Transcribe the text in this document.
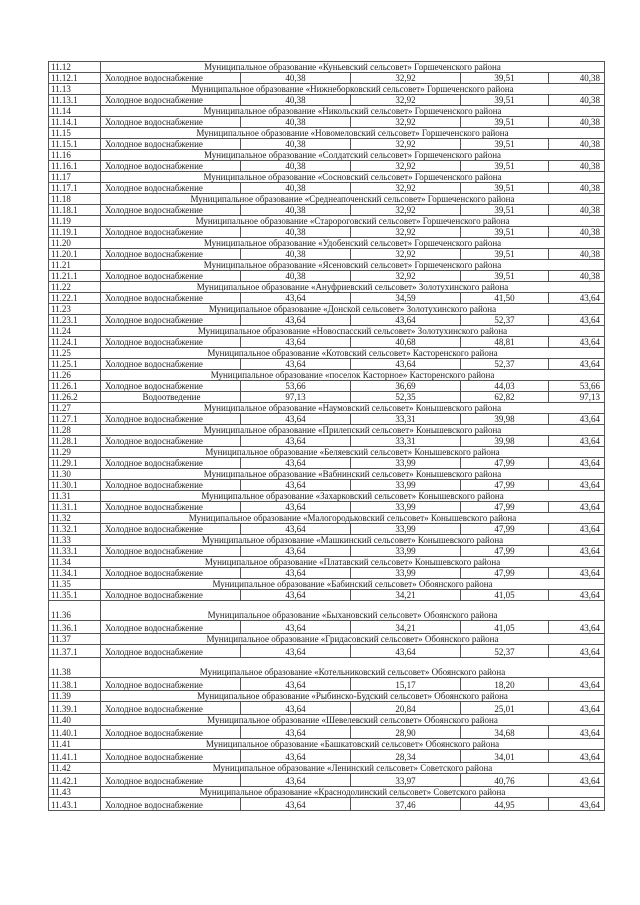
11.12	Муниципальное образование «Куньевский сельсовет» Горшеченского района				
11.12.1	Холодное водоснабжение	40,38	32,92	39,51	40,38
11.13	Муниципальное образование «Нижнеборковский сельсовет» Горшеченского района				
11.13.1	Холодное водоснабжение	40,38	32,92	39,51	40,38
11.14	Муниципальное образование «Никольский сельсовет» Горшеченского района				
11.14.1	Холодное водоснабжение	40,38	32,92	39,51	40,38
11.15	Муниципальное образование «Новомеловский сельсовет» Горшеченского района				
11.15.1	Холодное водоснабжение	40,38	32,92	39,51	40,38
11.16	Муниципальное образование «Солдатский сельсовет» Горшеченского района				
11.16.1	Холодное водоснабжение	40,38	32,92	39,51	40,38
11.17	Муниципальное образование «Сосновский сельсовет» Горшеченского района				
11.17.1	Холодное водоснабжение	40,38	32,92	39,51	40,38
11.18	Муниципальное образование «Среднеапоченский сельсовет» Горшеченского района				
11.18.1	Холодное водоснабжение	40,38	32,92	39,51	40,38
11.19	Муниципальное образование «Старороговский сельсовет» Горшеченского района				
11.19.1	Холодное водоснабжение	40,38	32,92	39,51	40,38
11.20	Муниципальное образование «Удобенский сельсовет» Горшеченского района				
11.20.1	Холодное водоснабжение	40,38	32,92	39,51	40,38
11.21	Муниципальное образование «Ясеновский сельсовет» Горшеченского района				
11.21.1	Холодное водоснабжение	40,38	32,92	39,51	40,38
11.22	Муниципальное образование «Ануфриевский сельсовет» Золотухинского района				
11.22.1	Холодное водоснабжение	43,64	34,59	41,50	43,64
11.23	Муниципальное образование «Донской сельсовет» Золотухинского района				
11.23.1	Холодное водоснабжение	43,64	43,64	52,37	43,64
11.24	Муниципальное образование «Новоспасский сельсовет» Золотухинского района				
11.24.1	Холодное водоснабжение	43,64	40,68	48,81	43,64
11.25	Муниципальное образование «Котовский сельсовет» Касторенского района				
11.25.1	Холодное водоснабжение	43,64	43,64	52,37	43,64
11.26	Муниципальное образование «поселок Касторное» Касторенского района				
11.26.1	Холодное водоснабжение	53,66	36,69	44,03	53,66
11.26.2	Водоотведение	97,13	52,35	62,82	97,13
11.27	Муниципальное образование «Наумовский сельсовет» Конышевского района				
11.27.1	Холодное водоснабжение	43,64	33,31	39,98	43,64
11.28	Муниципальное образование «Прилепский сельсовет» Конышевского района				
11.28.1	Холодное водоснабжение	43,64	33,31	39,98	43,64
11.29	Муниципальное образование «Беляевский сельсовет» Конышевского района				
11.29.1	Холодное водоснабжение	43,64	33,99	47,99	43,64
11.30	Муниципальное образование «Вабнинский сельсовет» Конышевского района				
11.30.1	Холодное водоснабжение	43,64	33,99	47,99	43,64
11.31	Муниципальное образование «Захарковский сельсовет» Конышевского района				
11.31.1	Холодное водоснабжение	43,64	33,99	47,99	43,64
11.32	Муниципальное образование «Малогородьковский сельсовет» Конышевского района				
11.32.1	Холодное водоснабжение	43,64	33,99	47,99	43,64
11.33	Муниципальное образование «Машкинский сельсовет» Конышевского района				
11.33.1	Холодное водоснабжение	43,64	33,99	47,99	43,64
11.34	Муниципальное образование «Платавский сельсовет» Конышевского района				
11.34.1	Холодное водоснабжение	43,64	33,99	47,99	43,64
11.35	Муниципальное образование «Бабинский сельсовет» Обоянского района				
11.35.1	Холодное водоснабжение	43,64	34,21	41,05	43,64
11.36	Муниципальное образование «Быхановский сельсовет» Обоянского района				
11.36.1	Холодное водоснабжение	43,64	34,21	41,05	43,64
11.37	Муниципальное образование «Гридасовский сельсовет» Обоянского района				
11.37.1	Холодное водоснабжение	43,64	43,64	52,37	43,64
11.38	Муниципальное образование «Котельниковский сельсовет» Обоянского района				
11.38.1	Холодное водоснабжение	43,64	15,17	18,20	43,64
11.39	Муниципальное образование «Рыбинско-Будский сельсовет» Обоянского района				
11.39.1	Холодное водоснабжение	43,64	20,84	25,01	43,64
11.40	Муниципальное образование «Шевелевский сельсовет» Обоянского района				
11.40.1	Холодное водоснабжение	43,64	28,90	34,68	43,64
11.41	Муниципальное образование «Башкатовский сельсовет» Обоянского района				
11.41.1	Холодное водоснабжение	43,64	28,34	34,01	43,64
11.42	Муниципальное образование «Ленинский сельсовет» Советского района				
11.42.1	Холодное водоснабжение	43,64	33,97	40,76	43,64
11.43	Муниципальное образование «Краснодолинский сельсовет» Советского района				
11.43.1	Холодное водоснабжение	43,64	37,46	44,95	43,64
